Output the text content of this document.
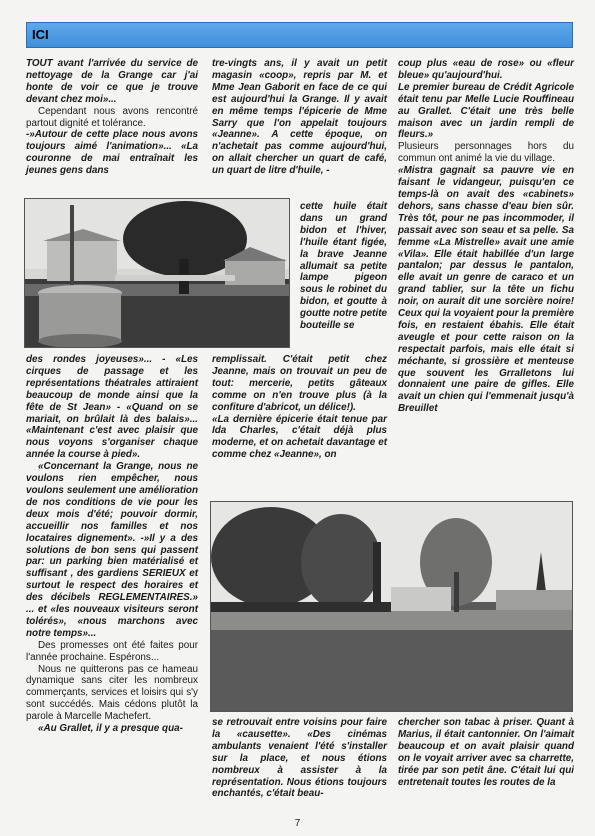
ICI

TOUT avant l'arrivée du service de nettoyage de la Grange car j'ai honte de voir ce que je trouve devant chez moi»...

Cependant nous avons rencontré partout dignité et tolérance.

-»Autour de cette place nous avons toujours aimé l'animation»... «La couronne de mai entraînait les jeunes gens dans

des rondes joyeuses»... - «Les cirques de passage et les représentations théatrales attiraient beaucoup de monde ainsi que la fête de St Jean» - «Quand on se mariait, on brûlait là des balais»... «Maintenant c'est avec plaisir que nous voyons s'organiser chaque année la course à pied».

«Concernant la Grange, nous ne voulons rien empêcher, nous voulons seulement une amélioration de nos conditions de vie pour les deux mois d'été; pouvoir dormir, accueillir nos familles et nos locataires dignement». -»Il y a des solutions de bon sens qui passent par: un parking bien matérialisé et suffisant , des gardiens SERIEUX et surtout le respect des horaires et des décibels REGLEMENTAIRES.» ... et «les nouveaux visiteurs seront tolérés», «nous marchons avec notre temps»...

Des promesses ont été faites pour l'année prochaine. Espérons...

Nous ne quitterons pas ce hameau dynamique sans citer les nombreux commerçants, services et loisirs qui s'y sont succédés. Mais cédons plutôt la parole à Marcelle Machefert.

«Au Grallet, il y a presque qua-

tre-vingts ans, il y avait un petit magasin «coop», repris par M. et Mme Jean Gaborit en face de ce qui est aujourd'hui la Grange. Il y avait en même temps l'épicerie de Mme Sarry que l'on appelait toujours «Jeanne». A cette époque, on n'achetait pas comme aujourd'hui, on allait chercher un quart de café, un quart de litre d'huile, -

cette huile était dans un grand bidon et l'hiver, l'huile étant figée, la brave Jeanne allumait sa petite lampe pigeon sous le robinet du bidon, et goutte à goutte notre petite bouteille se

remplissait. C'était petit chez Jeanne, mais on trouvait un peu de tout: mercerie, petits gâteaux comme on n'en trouve plus (à la confiture d'abricot, un délice!).

«La dernière épicerie était tenue par Ida Charles, c'était déjà plus moderne, et on achetait davantage et comme chez «Jeanne», on

se retrouvait entre voisins pour faire la «causette». «Des cinémas ambulants venaient l'été s'installer sur la place, et nous étions nombreux à assister à la représentation. Nous étions toujours enchantés, c'était beau-

coup plus «eau de rose» ou «fleur bleue» qu'aujourd'hui.

Le premier bureau de Crédit Agricole était tenu par Melle Lucie Rouffineau au Grallet. C'était une très belle maison avec un jardin rempli de fleurs.»

Plusieurs personnages hors du commun ont animé la vie du village.

«Mistra gagnait sa pauvre vie en faisant le vidangeur, puisqu'en ce temps-là on avait des «cabinets» dehors, sans chasse d'eau bien sûr. Très tôt, pour ne pas incommoder, il passait avec son seau et sa pelle. Sa femme «La Mistrelle» avait une amie «Vila». Elle était habillée d'un large pantalon; par dessus le pantalon, elle avait un genre de caraco et un grand tablier, sur la tête un fichu noir, on aurait dit une sorcière noire! Ceux qui la voyaient pour la première fois, en restaient ébahis. Elle était aveugle et pour cette raison on la respectait parfois, mais elle était si méchante, si grossière et menteuse que souvent les Grralletons lui donnaient une paire de gifles. Elle avait un chien qui l'emmenait jusqu'à Breuillet

chercher son tabac à priser. Quant à Marius, il était cantonnier. On l'aimait beaucoup et on avait plaisir quand on le voyait arriver avec sa charrette, tirée par son petit âne. C'était lui qui entretenait toutes les routes de la

7
